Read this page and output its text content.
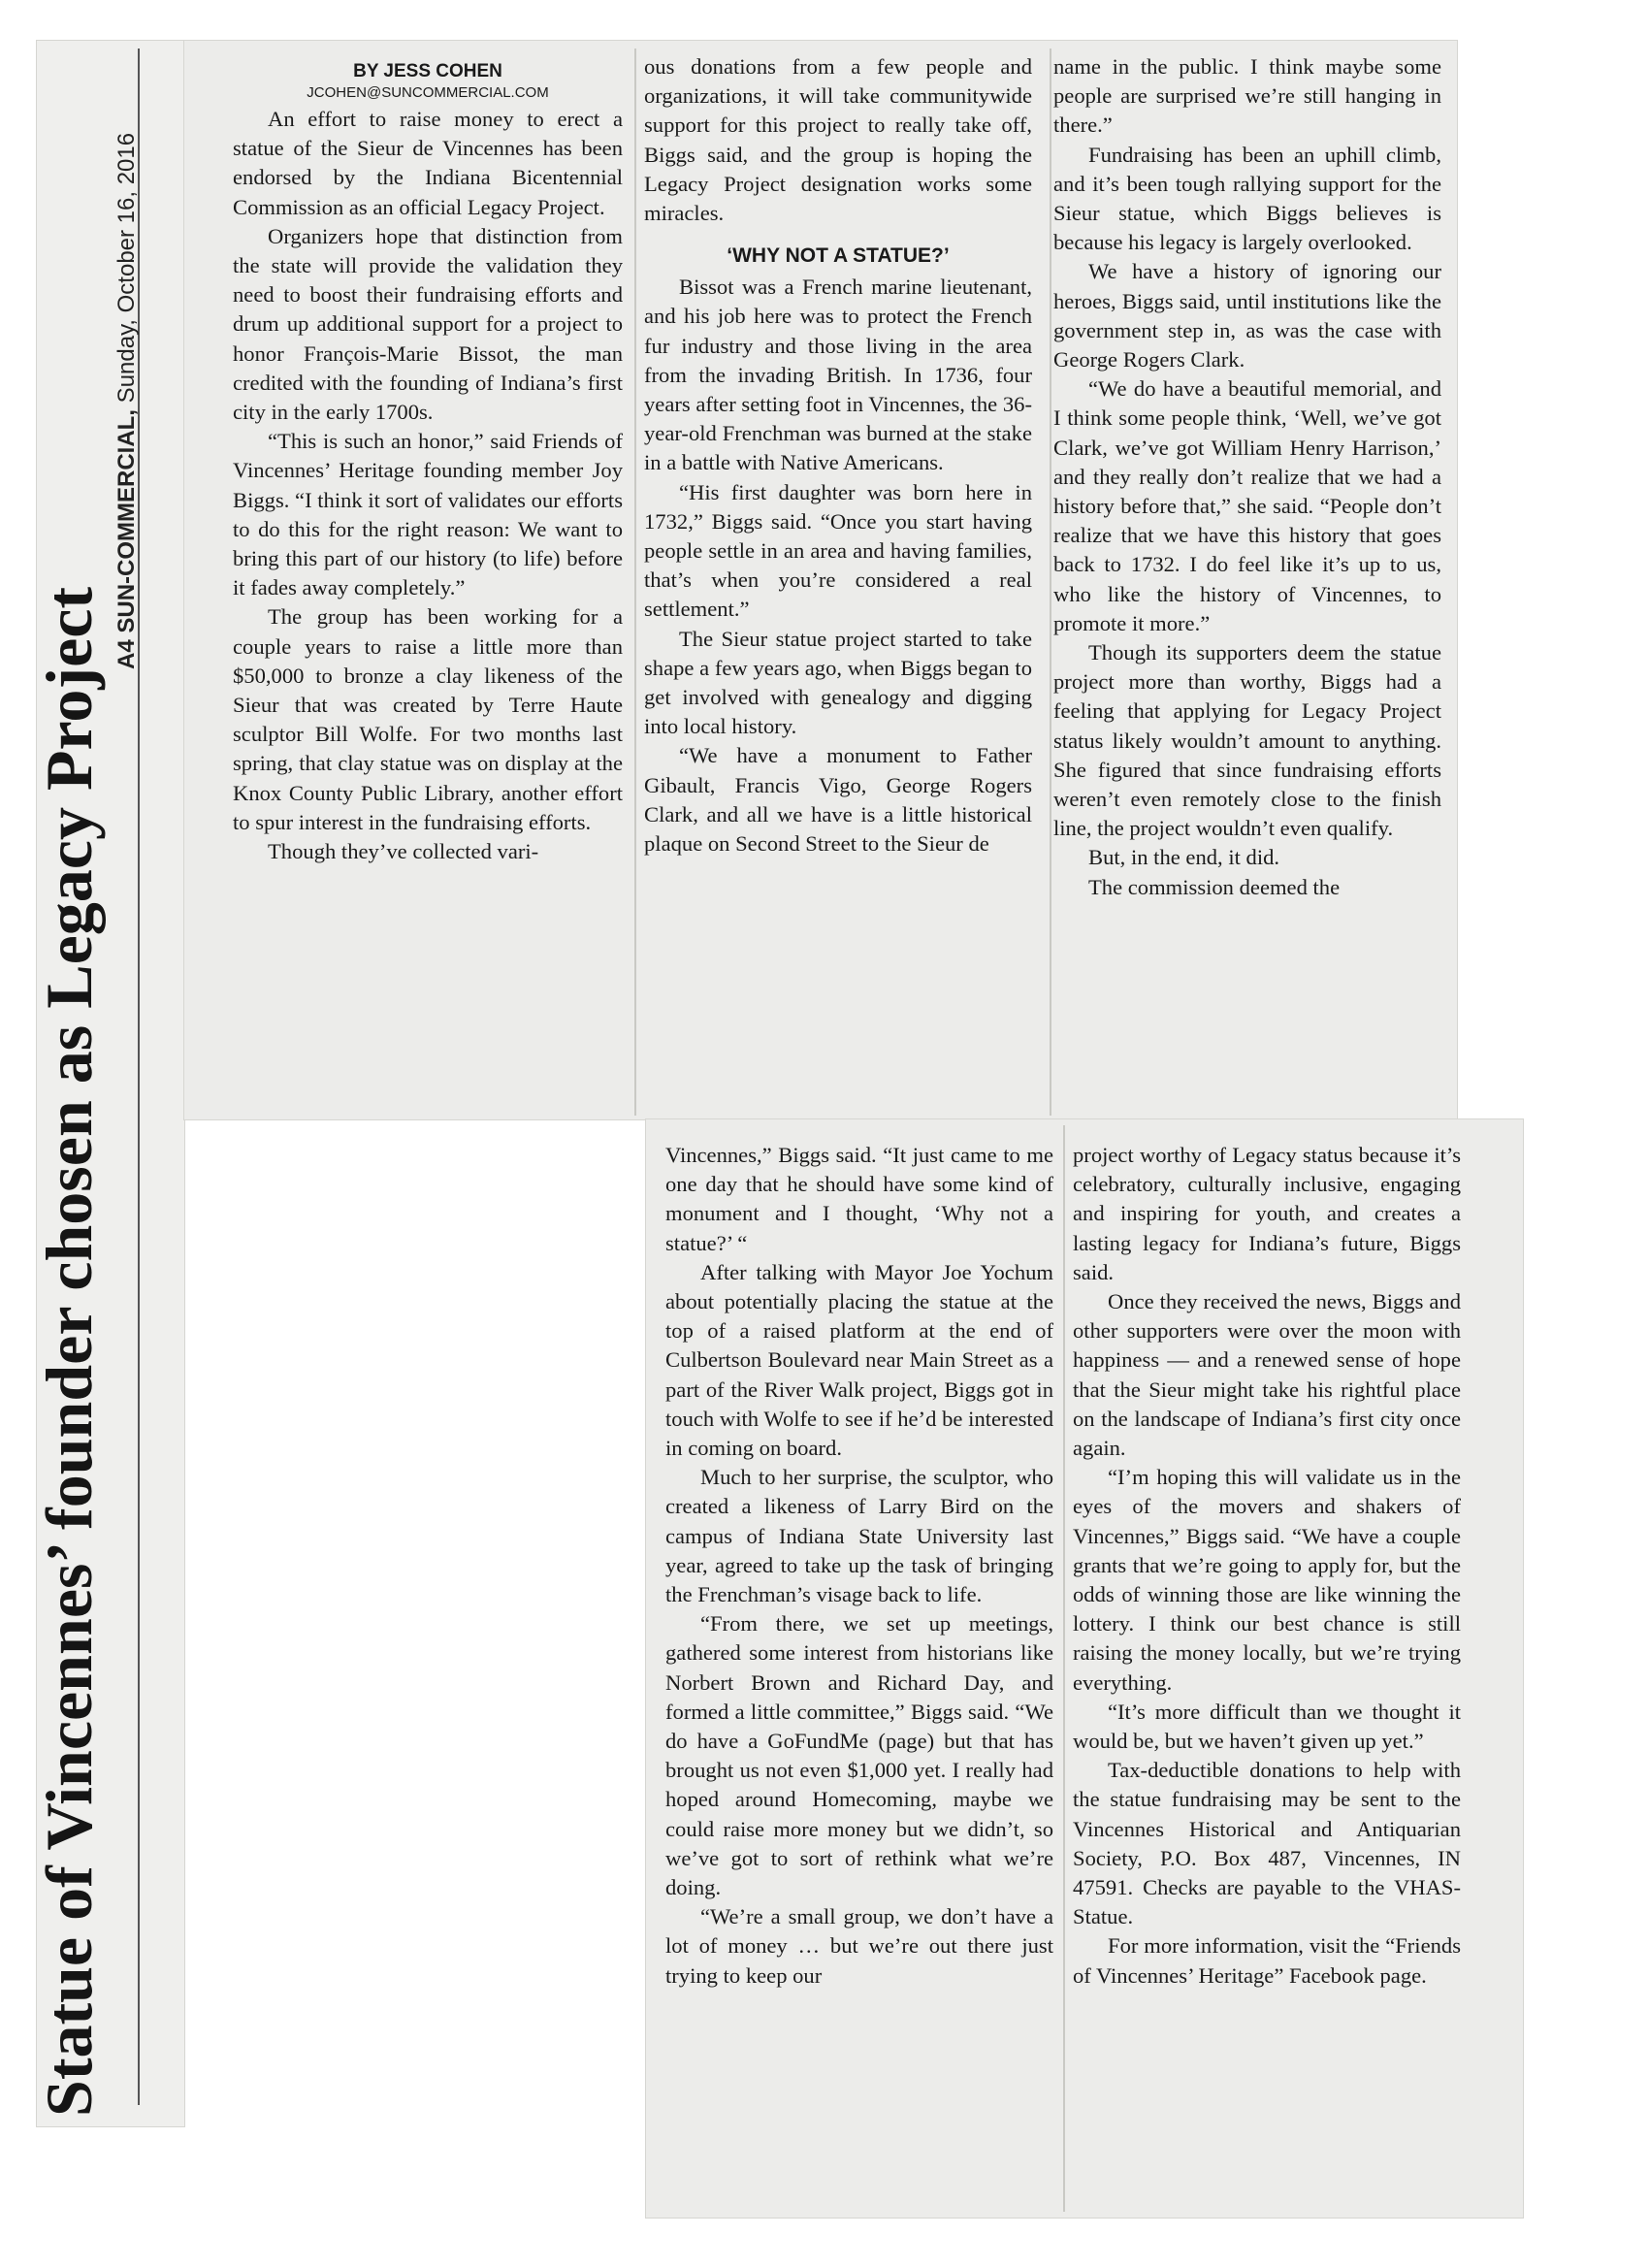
Statue of Vincennes’ founder chosen as Legacy Project A4 SUN-COMMERCIAL, Sunday, October 16, 2016
BY JESS COHEN
JCOHEN@SUNCOMMERCIAL.COM

An effort to raise money to erect a statue of the Sieur de Vincennes has been endorsed by the Indiana Bicentennial Commission as an official Legacy Project.

Organizers hope that distinction from the state will provide the validation they need to boost their fundraising efforts and drum up additional support for a project to honor François-Marie Bissot, the man credited with the founding of Indiana’s first city in the early 1700s.

“This is such an honor,” said Friends of Vincennes’ Heritage founding member Joy Biggs. “I think it sort of validates our efforts to do this for the right reason: We want to bring this part of our history (to life) before it fades away completely.”

The group has been working for a couple years to raise a little more than $50,000 to bronze a clay likeness of the Sieur that was created by Terre Haute sculptor Bill Wolfe. For two months last spring, that clay statue was on display at the Knox County Public Library, another effort to spur interest in the fundraising efforts.

Though they’ve collected vari-

ous donations from a few people and organizations, it will take communitywide support for this project to really take off, Biggs said, and the group is hoping the Legacy Project designation works some miracles.

‘WHY NOT A STATUE?’

Bissot was a French marine lieutenant, and his job here was to protect the French fur industry and those living in the area from the invading British. In 1736, four years after setting foot in Vincennes, the 36-year-old Frenchman was burned at the stake in a battle with Native Americans.

“His first daughter was born here in 1732,” Biggs said. “Once you start having people settle in an area and having families, that’s when you’re considered a real settlement.”

The Sieur statue project started to take shape a few years ago, when Biggs began to get involved with genealogy and digging into local history.

“We have a monument to Father Gibault, Francis Vigo, George Rogers Clark, and all we have is a little historical plaque on Second Street to the Sieur de

name in the public. I think maybe some people are surprised we’re still hanging in there.”

Fundraising has been an uphill climb, and it’s been tough rallying support for the Sieur statue, which Biggs believes is because his legacy is largely overlooked.

We have a history of ignoring our heroes, Biggs said, until institutions like the government step in, as was the case with George Rogers Clark.

“We do have a beautiful memorial, and I think some people think, ‘Well, we’ve got Clark, we’ve got William Henry Harrison,’ and they really don’t realize that we had a history before that,” she said. “People don’t realize that we have this history that goes back to 1732. I do feel like it’s up to us, who like the history of Vincennes, to promote it more.”

Though its supporters deem the statue project more than worthy, Biggs had a feeling that applying for Legacy Project status likely wouldn’t amount to anything. She figured that since fundraising efforts weren’t even remotely close to the finish line, the project wouldn’t even qualify.

But, in the end, it did.

The commission deemed the

Vincennes,” Biggs said. “It just came to me one day that he should have some kind of monument and I thought, ‘Why not a statue?’ “

After talking with Mayor Joe Yochum about potentially placing the statue at the top of a raised platform at the end of Culbertson Boulevard near Main Street as a part of the River Walk project, Biggs got in touch with Wolfe to see if he’d be interested in coming on board.

Much to her surprise, the sculptor, who created a likeness of Larry Bird on the campus of Indiana State University last year, agreed to take up the task of bringing the Frenchman’s visage back to life.

“From there, we set up meetings, gathered some interest from historians like Norbert Brown and Richard Day, and formed a little committee,” Biggs said. “We do have a GoFundMe (page) but that has brought us not even $1,000 yet. I really had hoped around Homecoming, maybe we could raise more money but we didn’t, so we’ve got to sort of rethink what we’re doing.

“We’re a small group, we don’t have a lot of money … but we’re out there just trying to keep our

project worthy of Legacy status because it’s celebratory, culturally inclusive, engaging and inspiring for youth, and creates a lasting legacy for Indiana’s future, Biggs said.

Once they received the news, Biggs and other supporters were over the moon with happiness — and a renewed sense of hope that the Sieur might take his rightful place on the landscape of Indiana’s first city once again.

“I’m hoping this will validate us in the eyes of the movers and shakers of Vincennes,” Biggs said. “We have a couple grants that we’re going to apply for, but the odds of winning those are like winning the lottery. I think our best chance is still raising the money locally, but we’re trying everything.

“It’s more difficult than we thought it would be, but we haven’t given up yet.”

Tax-deductible donations to help with the statue fundraising may be sent to the Vincennes Historical and Antiquarian Society, P.O. Box 487, Vincennes, IN 47591. Checks are payable to the VHAS-Statue.

For more information, visit the “Friends of Vincennes’ Heritage” Facebook page.
